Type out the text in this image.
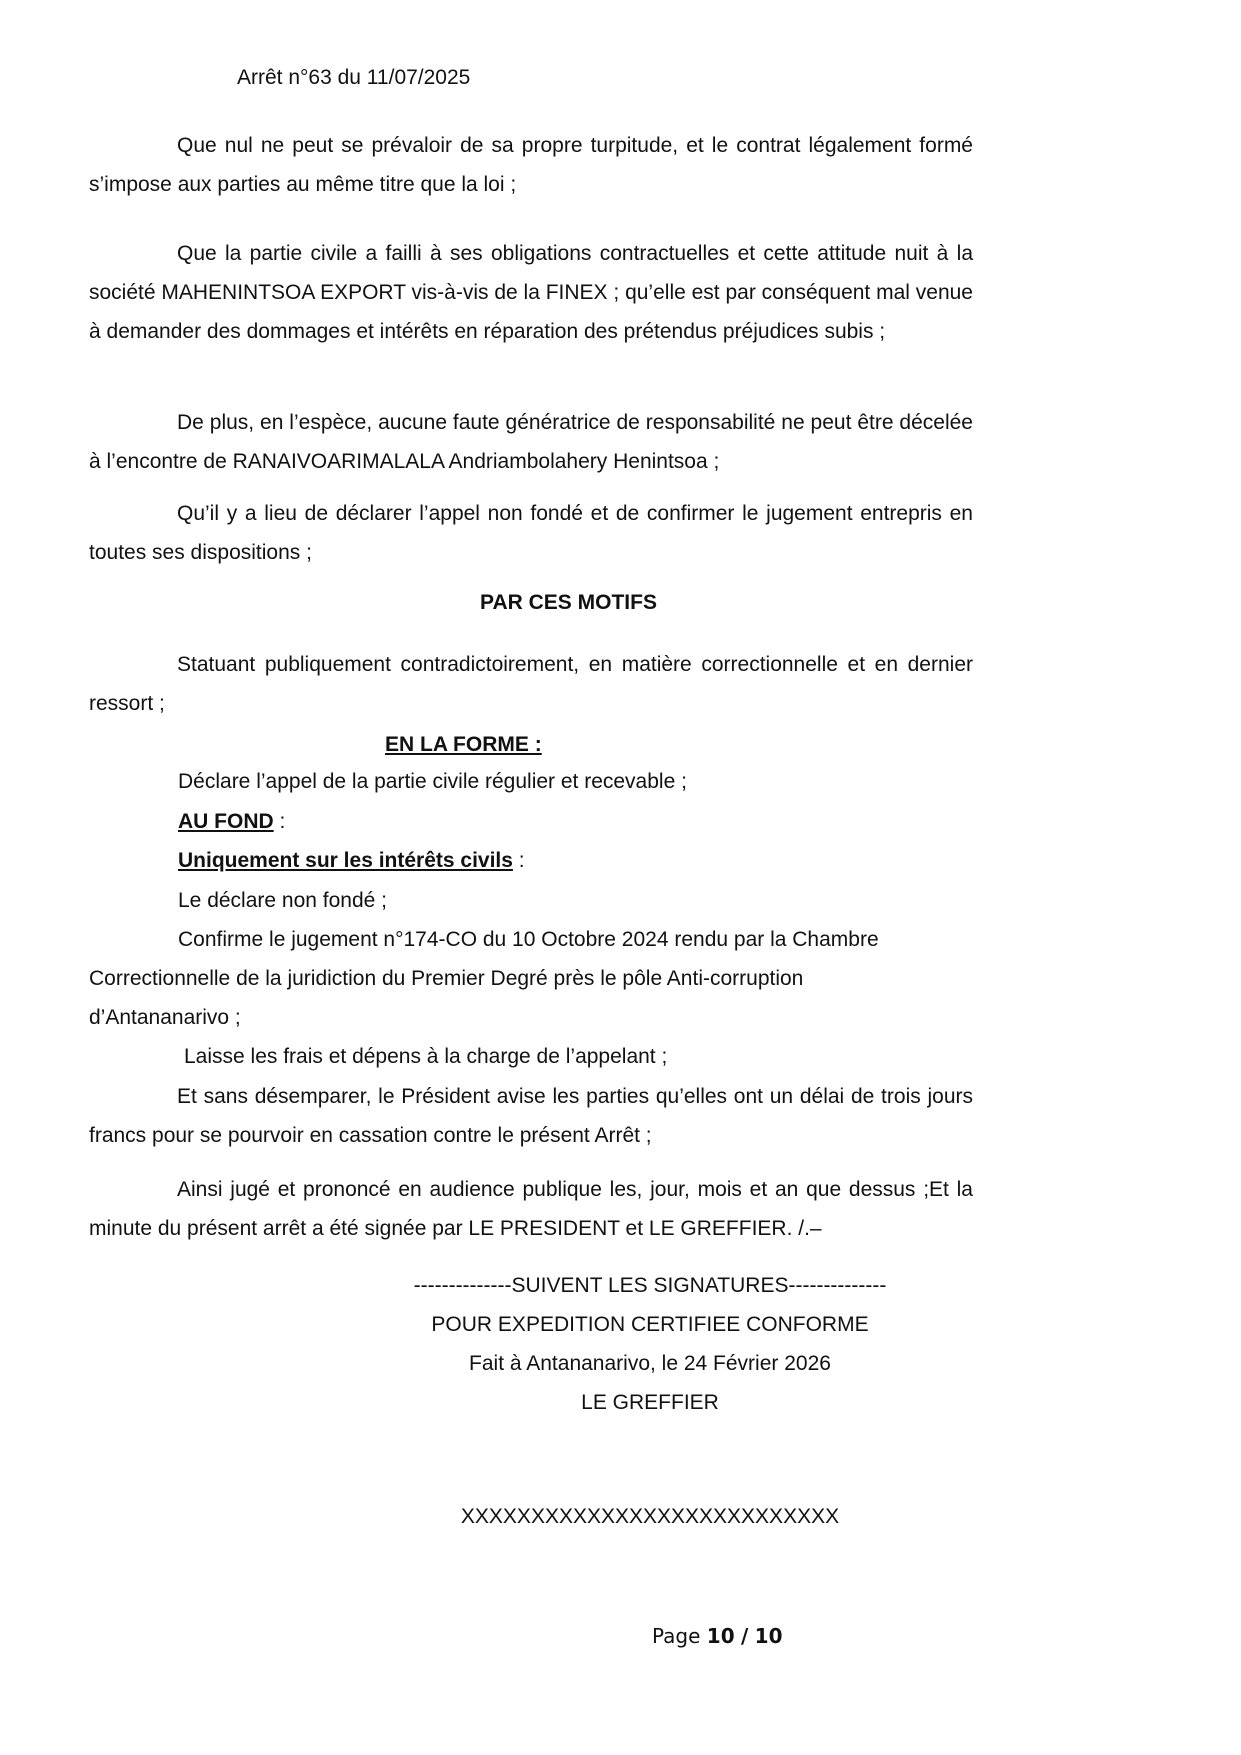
Arrêt n°63 du 11/07/2025
Que nul ne peut se prévaloir de sa propre turpitude, et le contrat légalement formé s’impose aux parties au même titre que la loi ;
Que la partie civile a failli à ses obligations contractuelles et cette attitude nuit à la société MAHENINTSOA EXPORT vis-à-vis de la FINEX ; qu’elle est par conséquent mal venue à demander des dommages et intérêts en réparation des prétendus préjudices subis ;
De plus, en l’espèce, aucune faute génératrice de responsabilité ne peut être décelée à l’encontre de RANAIVOARIMALALA Andriambolahery Henintsoa ;
Qu’il y a lieu de déclarer l’appel non fondé et de confirmer le jugement entrepris en toutes ses dispositions ;
PAR CES MOTIFS
Statuant publiquement contradictoirement, en matière correctionnelle et en dernier ressort ;
EN LA FORME :
Déclare l’appel de la partie civile régulier et recevable ;
AU FOND :
Uniquement sur les intérêts civils :
Le déclare non fondé ;
Confirme le jugement n°174-CO du 10 Octobre 2024 rendu par la Chambre
Correctionnelle de la juridiction du Premier Degré près le pôle Anti-corruption
d’Antananarivo ;
Laisse les frais et dépens à la charge de l’appelant ;
Et sans désemparer, le Président avise les parties qu’elles ont un délai de trois jours francs pour se pourvoir en cassation contre le présent Arrêt ;
Ainsi jugé et prononcé en audience publique les, jour, mois et an que dessus ;Et la minute du présent arrêt a été signée par LE PRESIDENT et LE GREFFIER. /.–
--------------SUIVENT LES SIGNATURES--------------
POUR EXPEDITION CERTIFIEE CONFORME
Fait à Antananarivo, le 24 Février 2026
LE GREFFIER
XXXXXXXXXXXXXXXXXXXXXXXXXXX
Page 10 / 10
